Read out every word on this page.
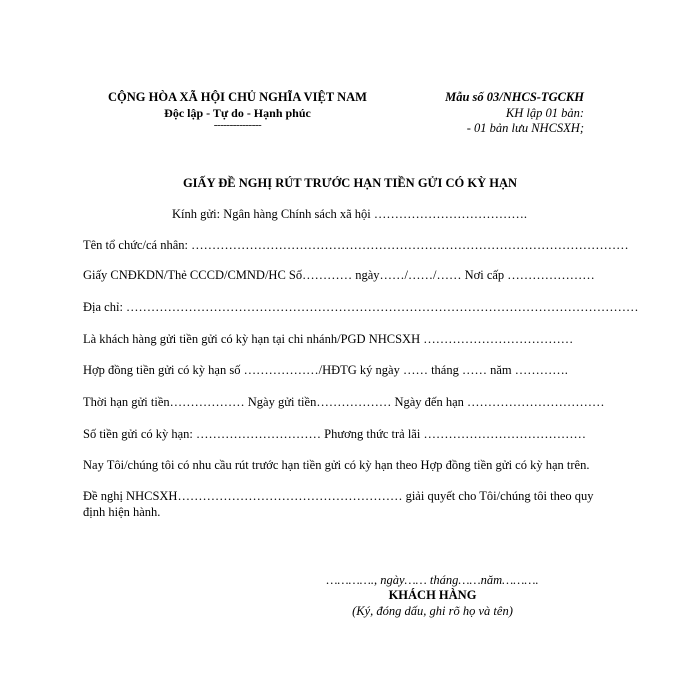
CỘNG HÒA XÃ HỘI CHỦ NGHĨA VIỆT NAM
Độc lập - Tự do - Hạnh phúc
---------------
Mẫu số 03/NHCS-TGCKH
KH lập 01 bản:
- 01 bản lưu NHCSXH;
GIẤY ĐỀ NGHỊ RÚT TRƯỚC HẠN TIỀN GỬI CÓ KỲ HẠN
Kính gửi: Ngân hàng Chính sách xã hội ……………………………….
Tên tổ chức/cá nhân: ……………………………………………………………………………………………
Giấy CNĐKDN/Thẻ CCCD/CMND/HC Số………… ngày……/……/…… Nơi cấp …………………
Địa chỉ: ……………………………………………………………………………………………………………
Là khách hàng gửi tiền gửi có kỳ hạn tại chi nhánh/PGD NHCSXH ………………………………
Hợp đồng tiền gửi có kỳ hạn số ………………/HĐTG ký ngày …… tháng …… năm ………….
Thời hạn gửi tiền……………… Ngày gửi tiền……………… Ngày đến hạn ……………………………
Số tiền gửi có kỳ hạn: ………………………… Phương thức trả lãi …………………………………
Nay Tôi/chúng tôi có nhu cầu rút trước hạn tiền gửi có kỳ hạn theo Hợp đồng tiền gửi có kỳ hạn trên.
Đề nghị NHCSXH……………………………………………… giải quyết cho Tôi/chúng tôi theo quy
định hiện hành.
…………., ngày…… tháng……năm……….
KHÁCH HÀNG
(Ký, đóng dấu, ghi rõ họ và tên)
